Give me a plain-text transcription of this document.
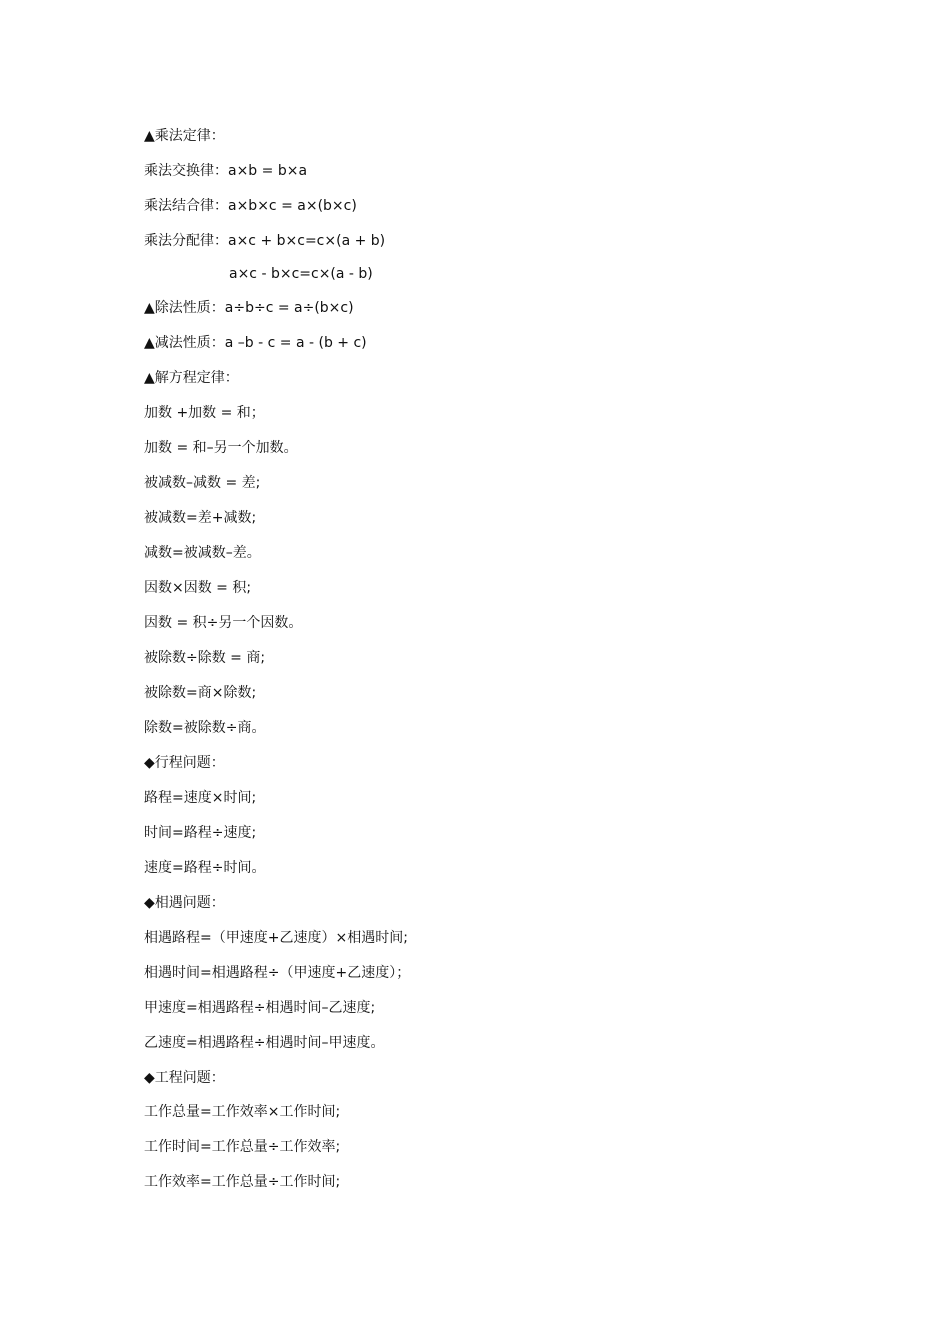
▲乘法定律：
乘法交换律：a×b = b×a
乘法结合律：a×b×c = a×(b×c)
乘法分配律：a×c + b×c=c×(a + b)
a×c - b×c=c×(a - b)
▲除法性质：a÷b÷c = a÷(b×c)
▲减法性质：a –b - c = a - (b + c)
▲解方程定律：
加数 +加数 = 和；
加数 = 和–另一个加数。
被减数–减数 = 差;
被减数=差+减数;
减数=被减数–差。
因数×因数 = 积;
因数 = 积÷另一个因数。
被除数÷除数 = 商;
被除数=商×除数;
除数=被除数÷商。
◆行程问题：
路程=速度×时间;
时间=路程÷速度;
速度=路程÷时间。
◆相遇问题：
相遇路程=（甲速度+乙速度）×相遇时间;
相遇时间=相遇路程÷（甲速度+乙速度）；
甲速度=相遇路程÷相遇时间–乙速度;
乙速度=相遇路程÷相遇时间–甲速度。
◆工程问题：
工作总量=工作效率×工作时间;
工作时间=工作总量÷工作效率;
工作效率=工作总量÷工作时间;
